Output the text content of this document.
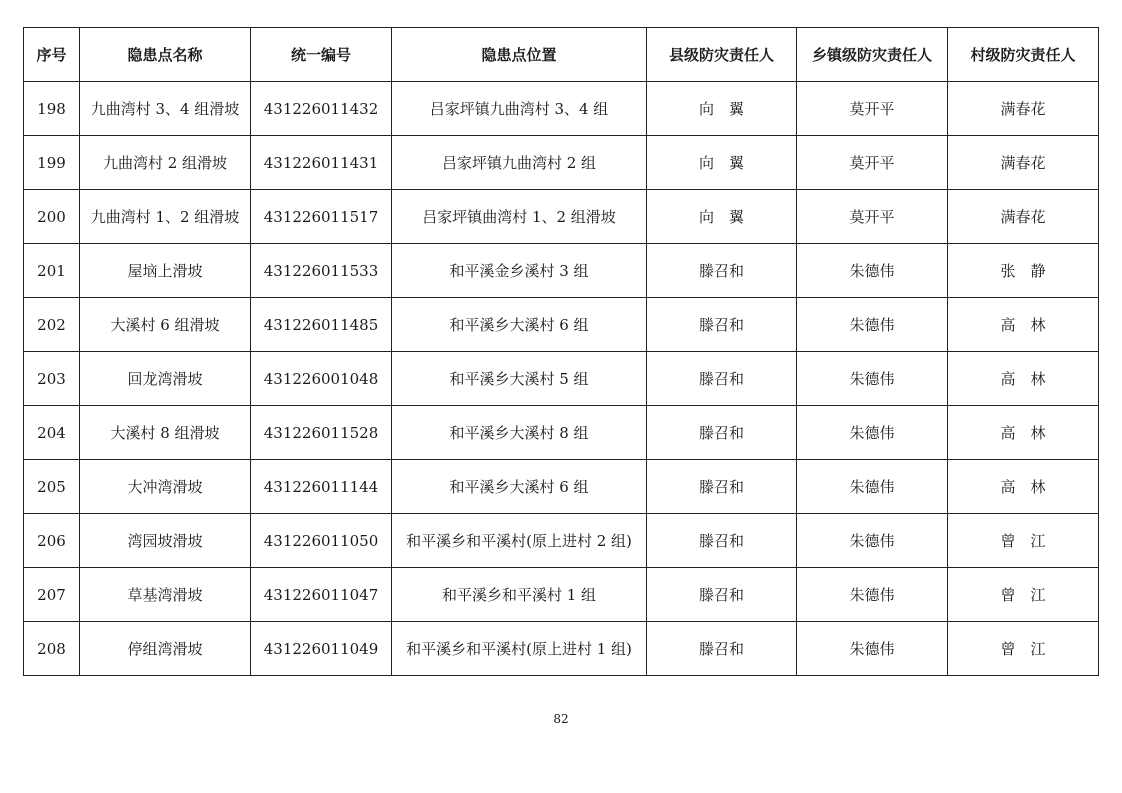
序号	隐患点名称	统一编号	隐患点位置	县级防灾责任人	乡镇级防灾责任人	村级防灾责任人
198	九曲湾村 3、4 组滑坡	431226011432	吕家坪镇九曲湾村 3、4 组	向　翼	莫开平	满春花
199	九曲湾村 2 组滑坡	431226011431	吕家坪镇九曲湾村 2 组	向　翼	莫开平	满春花
200	九曲湾村 1、2 组滑坡	431226011517	吕家坪镇曲湾村 1、2 组滑坡	向　翼	莫开平	满春花
201	屋垴上滑坡	431226011533	和平溪金乡溪村 3 组	滕召和	朱德伟	张　静
202	大溪村 6 组滑坡	431226011485	和平溪乡大溪村 6 组	滕召和	朱德伟	高　林
203	回龙湾滑坡	431226001048	和平溪乡大溪村 5 组	滕召和	朱德伟	高　林
204	大溪村 8 组滑坡	431226011528	和平溪乡大溪村 8 组	滕召和	朱德伟	高　林
205	大冲湾滑坡	431226011144	和平溪乡大溪村 6 组	滕召和	朱德伟	高　林
206	湾园坡滑坡	431226011050	和平溪乡和平溪村(原上进村 2 组)	滕召和	朱德伟	曾　江
207	草基湾滑坡	431226011047	和平溪乡和平溪村 1 组	滕召和	朱德伟	曾　江
208	停组湾滑坡	431226011049	和平溪乡和平溪村(原上进村 1 组)	滕召和	朱德伟	曾　江
82
